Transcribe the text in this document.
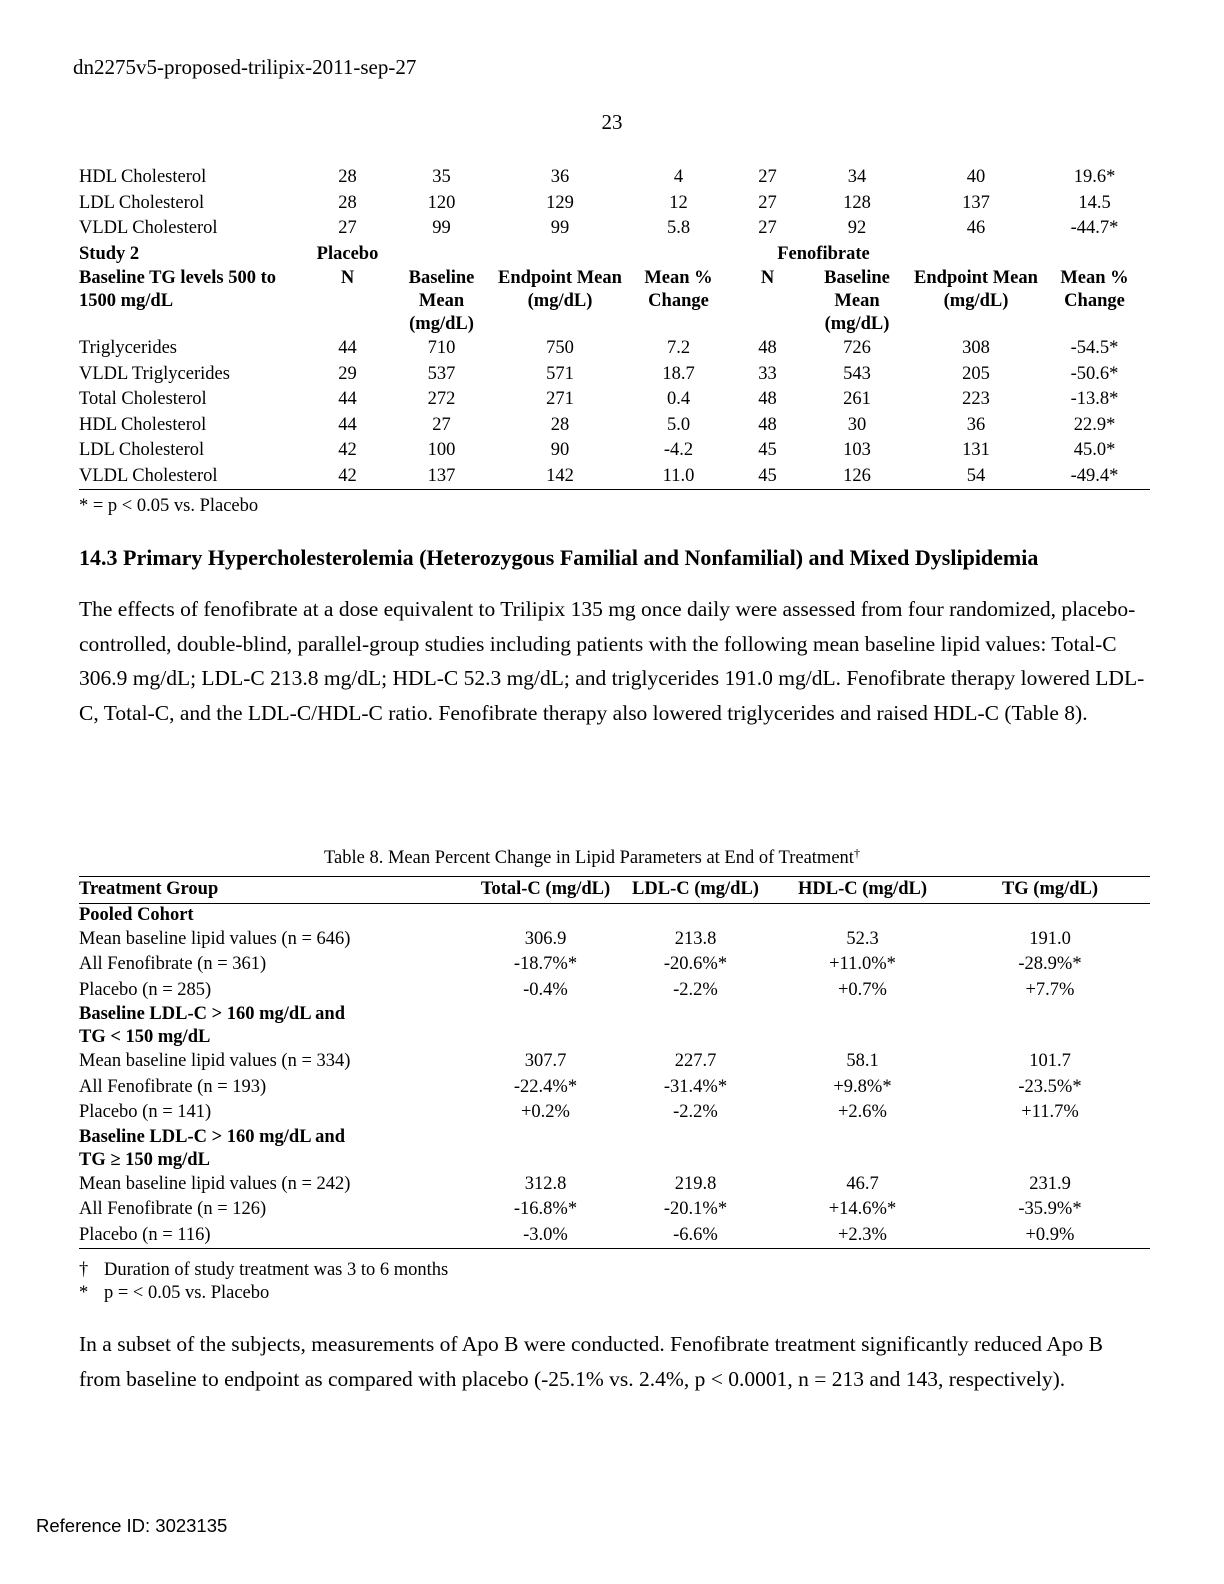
dn2275v5-proposed-trilipix-2011-sep-27
23
HDL Cholesterol	28	35	36	4	27	34	40	19.6*
LDL Cholesterol	28	120	129	12	27	128	137	14.5
VLDL Cholesterol	27	99	99	5.8	27	92	46	-44.7*
Study 2	Placebo				Fenofibrate			
Baseline TG levels 500 to 1500 mg/dL	N	Baseline Mean (mg/dL)	Endpoint Mean (mg/dL)	Mean % Change	N	Baseline Mean (mg/dL)	Endpoint Mean (mg/dL)	Mean % Change
Triglycerides	44	710	750	7.2	48	726	308	-54.5*
VLDL Triglycerides	29	537	571	18.7	33	543	205	-50.6*
Total Cholesterol	44	272	271	0.4	48	261	223	-13.8*
HDL Cholesterol	44	27	28	5.0	48	30	36	22.9*
LDL Cholesterol	42	100	90	-4.2	45	103	131	45.0*
VLDL Cholesterol	42	137	142	11.0	45	126	54	-49.4*
* = p < 0.05 vs. Placebo
14.3 Primary Hypercholesterolemia (Heterozygous Familial and Nonfamilial) and Mixed Dyslipidemia
The effects of fenofibrate at a dose equivalent to Trilipix 135 mg once daily were assessed from four randomized, placebo-controlled, double-blind, parallel-group studies including patients with the following mean baseline lipid values: Total-C 306.9 mg/dL; LDL-C 213.8 mg/dL; HDL-C 52.3 mg/dL; and triglycerides 191.0 mg/dL. Fenofibrate therapy lowered LDL-C, Total-C, and the LDL-C/HDL-C ratio. Fenofibrate therapy also lowered triglycerides and raised HDL-C (Table 8).
Table 8. Mean Percent Change in Lipid Parameters at End of Treatment†
Treatment Group	Total-C (mg/dL)	LDL-C (mg/dL)	HDL-C (mg/dL)	TG (mg/dL)
Pooled Cohort				
Mean baseline lipid values (n = 646)	306.9	213.8	52.3	191.0
All Fenofibrate (n = 361)	-18.7%*	-20.6%*	+11.0%*	-28.9%*
Placebo (n = 285)	-0.4%	-2.2%	+0.7%	+7.7%
Baseline LDL-C > 160 mg/dL and				
TG < 150 mg/dL				
Mean baseline lipid values (n = 334)	307.7	227.7	58.1	101.7
All Fenofibrate (n = 193)	-22.4%*	-31.4%*	+9.8%*	-23.5%*
Placebo (n = 141)	+0.2%	-2.2%	+2.6%	+11.7%
Baseline LDL-C > 160 mg/dL and				
TG ≥ 150 mg/dL				
Mean baseline lipid values (n = 242)	312.8	219.8	46.7	231.9
All Fenofibrate (n = 126)	-16.8%*	-20.1%*	+14.6%*	-35.9%*
Placebo (n = 116)	-3.0%	-6.6%	+2.3%	+0.9%
† Duration of study treatment was 3 to 6 months
* p = < 0.05 vs. Placebo
In a subset of the subjects, measurements of Apo B were conducted. Fenofibrate treatment significantly reduced Apo B from baseline to endpoint as compared with placebo (-25.1% vs. 2.4%, p < 0.0001, n = 213 and 143, respectively).
Reference ID: 3023135
